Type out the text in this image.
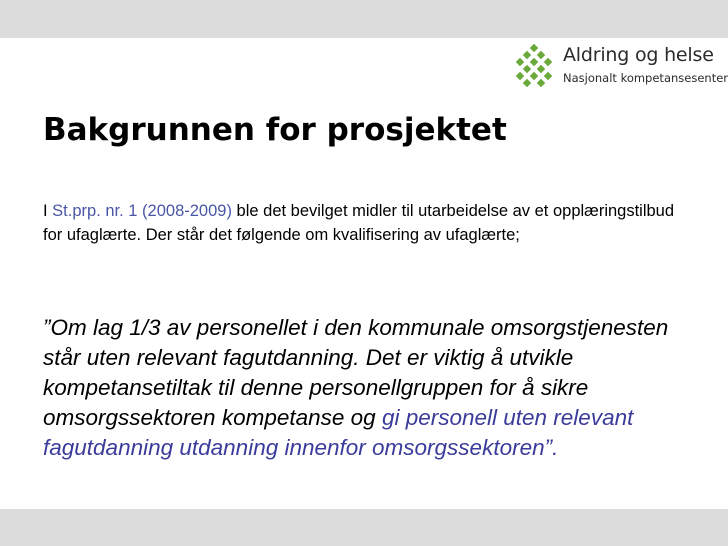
Aldring og helse
Nasjonalt kompetansesenter
Bakgrunnen for prosjektet
I St.prp. nr. 1 (2008-2009) ble det bevilget midler til utarbeidelse av et opplæringstilbud for ufaglærte. Der står det følgende om kvalifisering av ufaglærte;
”Om lag 1/3 av personellet i den kommunale omsorgstjenesten står uten relevant fagutdanning. Det er viktig å utvikle kompetansetiltak til denne personellgruppen for å sikre omsorgssektoren kompetanse og gi personell uten relevant fagutdanning utdanning innenfor omsorgssektoren”.
